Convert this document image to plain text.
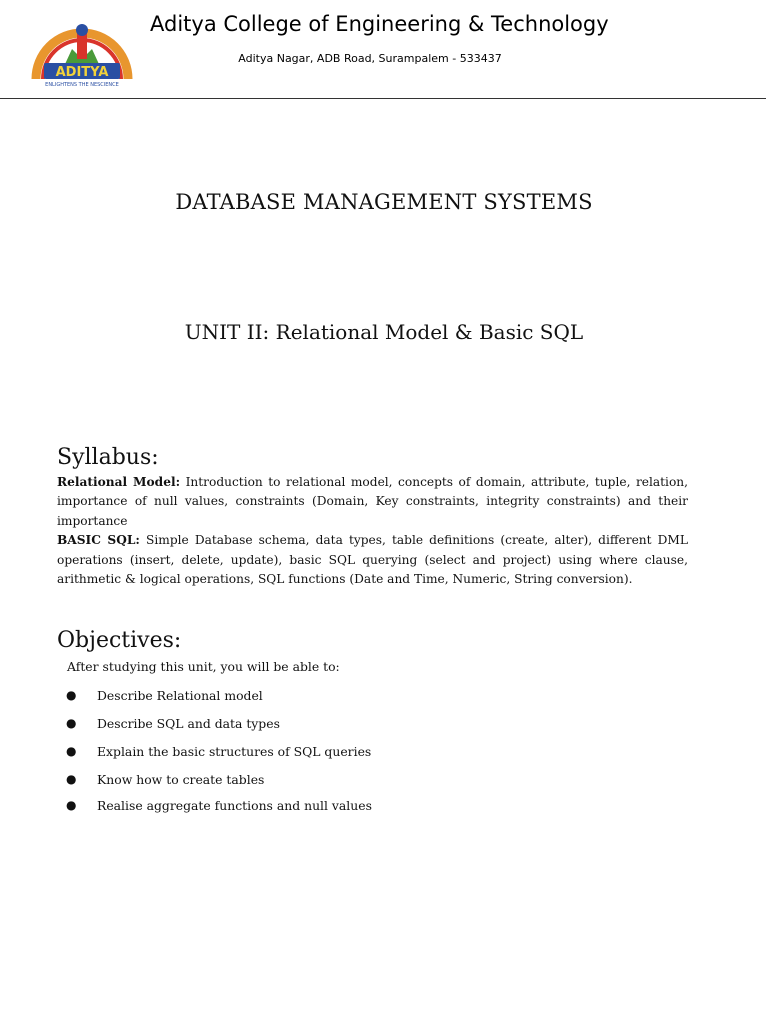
ADITYA
ENLIGHTENS THE NESCIENCE
Aditya College of Engineering & Technology
Aditya Nagar, ADB Road, Surampalem - 533437
DATABASE MANAGEMENT SYSTEMS
UNIT II: Relational Model & Basic SQL
Syllabus:

Relational Model: Introduction to relational model, concepts of domain, attribute, tuple, relation, importance of null values, constraints (Domain, Key constraints, integrity constraints) and their importance

BASIC SQL: Simple Database schema, data types, table definitions (create, alter), different DML operations (insert, delete, update), basic SQL querying (select and project) using where clause, arithmetic & logical operations, SQL functions (Date and Time, Numeric, String conversion).

Objectives:
After studying this unit, you will be able to:
● Describe Relational model
● Describe SQL and data types
● Explain the basic structures of SQL queries
● Know how to create tables
● Realise aggregate functions and null values
